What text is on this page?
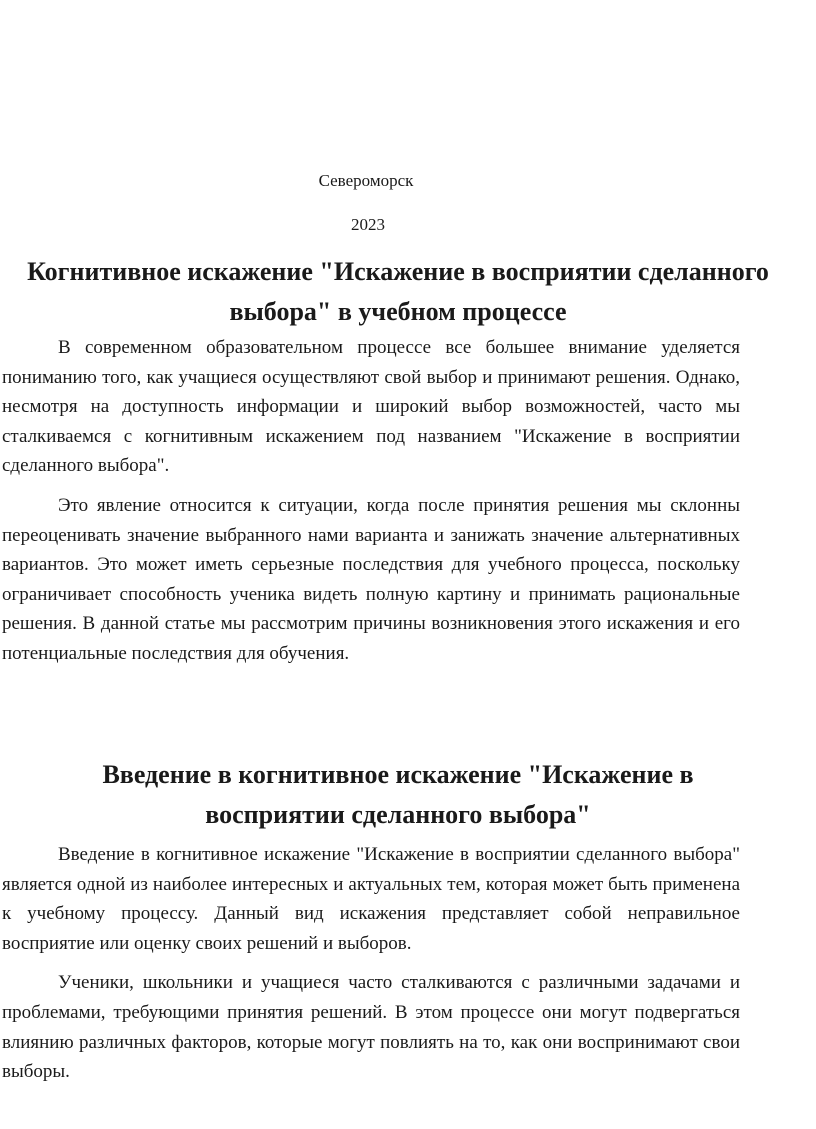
Североморск
2023
Когнитивное искажение "Искажение в восприятии сделанного выбора" в учебном процессе

В современном образовательном процессе все большее внимание уделяется пониманию того, как учащиеся осуществляют свой выбор и принимают решения. Однако, несмотря на доступность информации и широкий выбор возможностей, часто мы сталкиваемся с когнитивным искажением под названием "Искажение в восприятии сделанного выбора".

Это явление относится к ситуации, когда после принятия решения мы склонны переоценивать значение выбранного нами варианта и занижать значение альтернативных вариантов. Это может иметь серьезные последствия для учебного процесса, поскольку ограничивает способность ученика видеть полную картину и принимать рациональные решения. В данной статье мы рассмотрим причины возникновения этого искажения и его потенциальные последствия для обучения.

Введение в когнитивное искажение "Искажение в восприятии сделанного выбора"

Введение в когнитивное искажение "Искажение в восприятии сделанного выбора" является одной из наиболее интересных и актуальных тем, которая может быть применена к учебному процессу. Данный вид искажения представляет собой неправильное восприятие или оценку своих решений и выборов.

Ученики, школьники и учащиеся часто сталкиваются с различными задачами и проблемами, требующими принятия решений. В этом процессе они могут подвергаться влиянию различных факторов, которые могут повлиять на то, как они воспринимают свои выборы.
